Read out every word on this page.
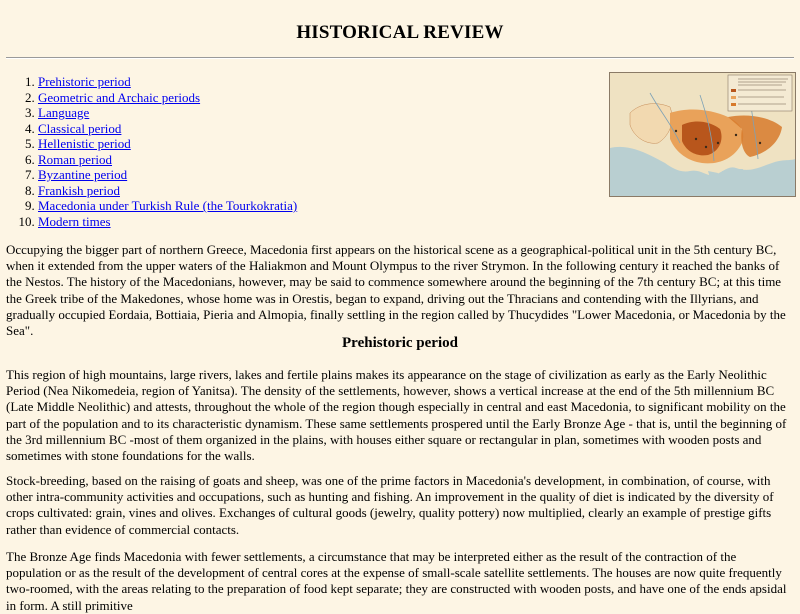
HISTORICAL REVIEW
1. Prehistoric period
2. Geometric and Archaic periods
3. Language
4. Classical period
5. Hellenistic period
6. Roman period
7. Byzantine period
8. Frankish period
9. Macedonia under Turkish Rule (the Tourkokratia)
10. Modern times

Occupying the bigger part of northern Greece, Macedonia first appears on the historical scene as a geographical-political unit in the 5th century BC, when it extended from the upper waters of the Haliakmon and Mount Olympus to the river Strymon. In the following century it reached the banks of the Nestos. The history of the Macedonians, however, may be said to commence somewhere around the beginning of the 7th century BC; at this time the Greek tribe of the Makedones, whose home was in Orestis, began to expand, driving out the Thracians and contending with the Illyrians, and gradually occupied Eordaia, Bottiaia, Pieria and Almopia, finally settling in the region called by Thucydides "Lower Macedonia, or Macedonia by the Sea".

Prehistoric period

This region of high mountains, large rivers, lakes and fertile plains makes its appearance on the stage of civilization as early as the Early Neolithic Period (Nea Nikomedeia, region of Yanitsa). The density of the settlements, however, shows a vertical increase at the end of the 5th millennium BC (Late Middle Neolithic) and attests, throughout the whole of the region though especially in central and east Macedonia, to significant mobility on the part of the population and to its characteristic dynamism. These same settlements prospered until the Early Bronze Age - that is, until the beginning of the 3rd millennium BC -most of them organized in the plains, with houses either square or rectangular in plan, sometimes with wooden posts and sometimes with stone foundations for the walls.

Stock-breeding, based on the raising of goats and sheep, was one of the prime factors in Macedonia's development, in combination, of course, with other intra-community activities and occupations, such as hunting and fishing. An improvement in the quality of diet is indicated by the diversity of crops cultivated: grain, vines and olives. Exchanges of cultural goods (jewelry, quality pottery) now multiplied, clearly an example of prestige gifts rather than evidence of commercial contacts.

The Bronze Age finds Macedonia with fewer settlements, a circumstance that may be interpreted either as the result of the contraction of the population or as the result of the development of central cores at the expense of small-scale satellite settlements. The houses are now quite frequently two-roomed, with the areas relating to the preparation of food kept separate; they are constructed with wooden posts, and have one of the ends apsidal in form. A still primitive
